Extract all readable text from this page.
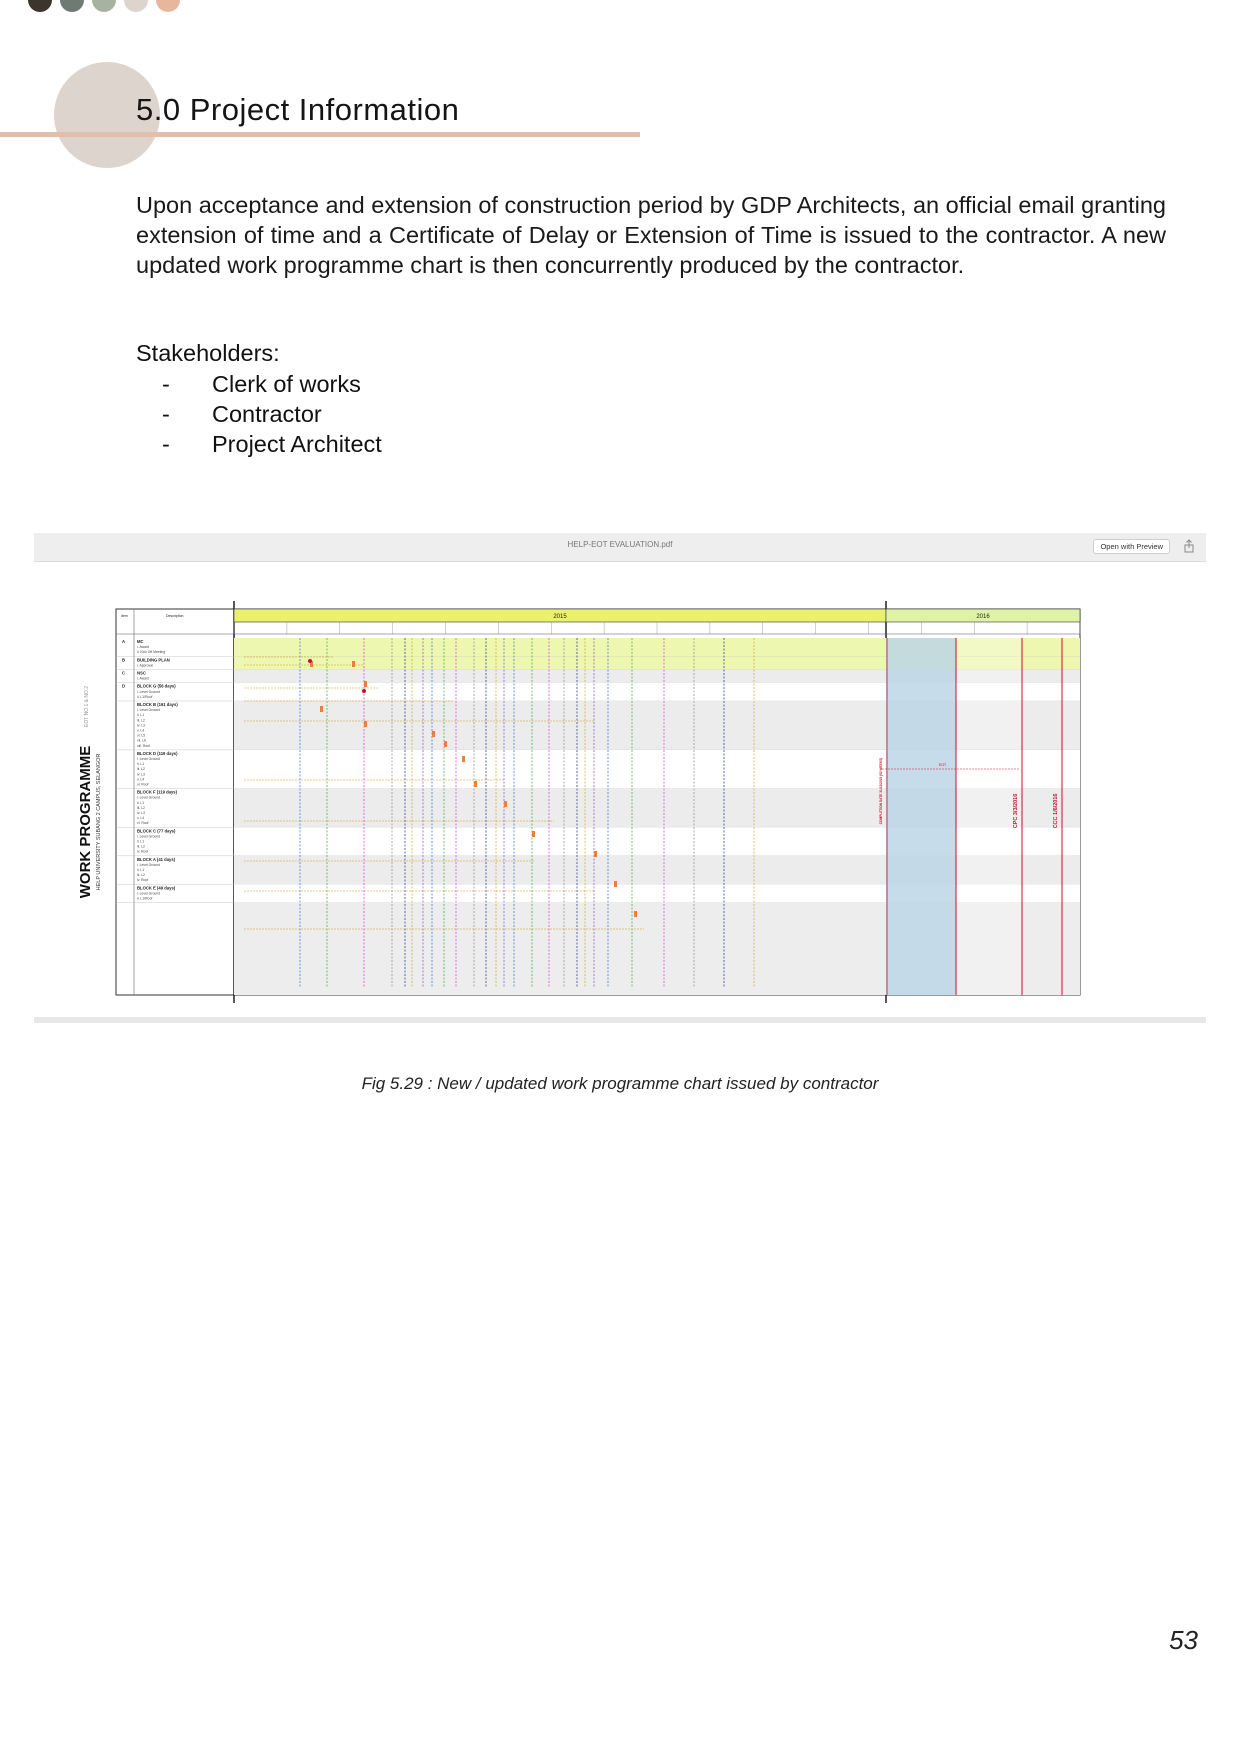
5.0 Project Information

Upon acceptance and extension of construction period by GDP Architects, an official email granting extension of time and a Certificate of Delay or Extension of Time is issued to the contractor. A new updated work programme chart is then concurrently produced by the contractor.

Stakeholders:

-	Clerk of works
-	Contractor
-	Project Architect
HELP-EOT EVALUATION.pdf	Open with Preview
WORK PROGRAMME HELP UNIVERSITY SUBANG 2 CAMPUS, SELANGOR
EOT NO.1 & NO.2
Item	Description	2015	2016
A	MC
i. Award
ii. Kick Off Meeting
B	BUILDING PLAN
i. Approval
C	NSC
i. Award
D	BLOCK G (56 days)
i. Level Ground
ii. L1/Roof
BLOCK B (161 days)
i. Level Ground
ii. L1
iii. L2
iv. L3
v. L4
vi. L5
vii. L6
viii. Roof
BLOCK D (119 days)
i. Level Ground
ii. L1
iii. L2
iv. L3
v. L4
vi. Roof
BLOCK F (119 days)
i. Level Ground
ii. L1
iii. L2
iv. L3
v. L4
vi. Roof
BLOCK C (77 days)
i. Level Ground
ii. L1
iii. L2
iv. Roof
BLOCK A (41 days)
i. Level Ground
ii. L1
iii. L2
iv. Roof
BLOCK E (49 days)
i. Level Ground
ii. L1/Roof
EOT
COMPLETION DATE 31/12/2015 (52 WEEKS)	CPC 3/3/2016	CCC 1/6/2016

Fig 5.29 : New / updated work programme chart issued by contractor

53
